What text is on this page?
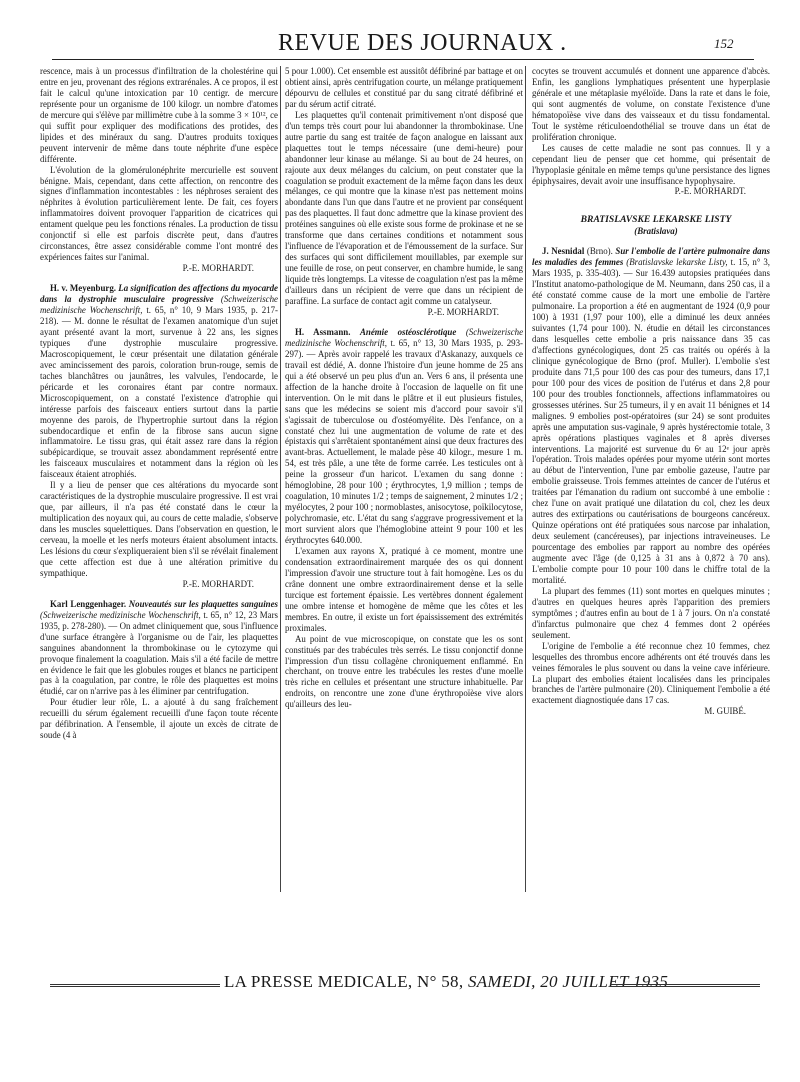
REVUE DES JOURNAUX .	152

rescence, mais à un processus d'infiltration de la cholestérine qui entre en jeu, provenant des régions extrarénales. A ce propos, il est fait le calcul qu'une intoxication par 10 centigr. de mercure représente pour un organisme de 100 kilogr. un nombre d'atomes de mercure qui s'élève par millimètre cube à la somme 3 × 10¹², ce qui suffit pour expliquer des modifications des protides, des lipides et des minéraux du sang. D'autres produits toxiques peuvent intervenir de même dans toute néphrite d'une espèce différente.

L'évolution de la glomérulonéphrite mercurielle est souvent bénigne. Mais, cependant, dans cette affection, on rencontre des signes d'inflammation incontestables : les néphroses seraient des néphrites à évolution particulièrement lente. De fait, ces foyers inflammatoires doivent provoquer l'apparition de cicatrices qui entament quelque peu les fonctions rénales. La production de tissu conjonctif si elle est parfois discrète peut, dans d'autres circonstances, être assez considérable comme l'ont montré des expériences faites sur l'animal.

P.-E. MORHARDT.

H. v. Meyenburg. La signification des affections du myocarde dans la dystrophie musculaire progressive (Schweizerische medizinische Wochenschrift, t. 65, n° 10, 9 Mars 1935, p. 217-218). — M. donne le résultat de l'examen anatomique d'un sujet ayant présenté avant la mort, survenue à 22 ans, les signes typiques d'une dystrophie musculaire progressive. Macroscopiquement, le cœur présentait une dilatation générale avec amincissement des parois, coloration brun-rouge, semis de taches blanchâtres ou jaunâtres, les valvules, l'endocarde, le péricarde et les coronaires étant par contre normaux. Microscopiquement, on a constaté l'existence d'atrophie qui intéresse parfois des faisceaux entiers surtout dans la partie moyenne des parois, de l'hypertrophie surtout dans la région subendocardique et enfin de la fibrose sans aucun signe inflammatoire. Le tissu gras, qui était assez rare dans la région subépicardique, se trouvait assez abondamment représenté entre les faisceaux musculaires et notamment dans la région où les faisceaux étaient atrophiés.

Il y a lieu de penser que ces altérations du myocarde sont caractéristiques de la dystrophie musculaire progressive. Il est vrai que, par ailleurs, il n'a pas été constaté dans le cœur la multiplication des noyaux qui, au cours de cette maladie, s'observe dans les muscles squelettiques. Dans l'observation en question, le cerveau, la moelle et les nerfs moteurs étaient absolument intacts. Les lésions du cœur s'expliqueraient bien s'il se révélait finalement que cette affection est due à une altération primitive du sympathique.

P.-E. MORHARDT.

Karl Lenggenhager. Nouveautés sur les plaquettes sanguines (Schweizerische medizinische Wochenschrift, t. 65, n° 12, 23 Mars 1935, p. 278-280). — On admet cliniquement que, sous l'influence d'une surface étrangère à l'organisme ou de l'air, les plaquettes sanguines abandonnent la thrombokinase ou le cytozyme qui provoque finalement la coagulation. Mais s'il a été facile de mettre en évidence le fait que les globules rouges et blancs ne participent pas à la coagulation, par contre, le rôle des plaquettes est moins étudié, car on n'arrive pas à les éliminer par centrifugation.

Pour étudier leur rôle, L. a ajouté à du sang fraîchement recueilli du sérum également recueilli d'une façon toute récente par défibrination. A l'ensemble, il ajoute un excès de citrate de soude (4 à

5 pour 1.000). Cet ensemble est aussitôt défibriné par battage et on obtient ainsi, après centrifugation courte, un mélange pratiquement dépourvu de cellules et constitué par du sang citraté défibriné et par du sérum actif citraté.

Les plaquettes qu'il contenait primitivement n'ont disposé que d'un temps très court pour lui abandonner la thrombokinase. Une autre partie du sang est traitée de façon analogue en laissant aux plaquettes tout le temps nécessaire (une demi-heure) pour abandonner leur kinase au mélange. Si au bout de 24 heures, on rajoute aux deux mélanges du calcium, on peut constater que la coagulation se produit exactement de la même façon dans les deux mélanges, ce qui montre que la kinase n'est pas nettement moins abondante dans l'un que dans l'autre et ne provient par conséquent pas des plaquettes. Il faut donc admettre que la kinase provient des protéines sanguines où elle existe sous forme de prokinase et ne se transforme que dans certaines conditions et notamment sous l'influence de l'évaporation et de l'émoussement de la surface. Sur des surfaces qui sont difficilement mouillables, par exemple sur une feuille de rose, on peut conserver, en chambre humide, le sang liquide très longtemps. La vitesse de coagulation n'est pas la même d'ailleurs dans un récipient de verre que dans un récipient de paraffine. La surface de contact agit comme un catalyseur.

P.-E. MORHARDT.

H. Assmann. Anémie ostéosclérotique (Schweizerische medizinische Wochenschrift, t. 65, n° 13, 30 Mars 1935, p. 293-297). — Après avoir rappelé les travaux d'Askanazy, auxquels ce travail est dédié, A. donne l'histoire d'un jeune homme de 25 ans qui a été observé un peu plus d'un an. Vers 6 ans, il présenta une affection de la hanche droite à l'occasion de laquelle on fit une intervention. On le mit dans le plâtre et il eut plusieurs fistules, sans que les médecins se soient mis d'accord pour savoir s'il s'agissait de tuberculose ou d'ostéomyélite. Dès l'enfance, on a constaté chez lui une augmentation de volume de rate et des épistaxis qui s'arrêtaient spontanément ainsi que deux fractures des avant-bras. Actuellement, le malade pèse 40 kilogr., mesure 1 m. 54, est très pâle, a une tête de forme carrée. Les testicules ont à peine la grosseur d'un haricot. L'examen du sang donne : hémoglobine, 28 pour 100 ; érythrocytes, 1,9 million ; temps de coagulation, 10 minutes 1/2 ; temps de saignement, 2 minutes 1/2 ; myélocytes, 2 pour 100 ; normoblastes, anisocytose, poïkilocytose, polychromasie, etc. L'état du sang s'aggrave progressivement et la mort survient alors que l'hémoglobine atteint 9 pour 100 et les érythrocytes 640.000.

L'examen aux rayons X, pratiqué à ce moment, montre une condensation extraordinairement marquée des os qui donnent l'impression d'avoir une structure tout à fait homogène. Les os du crâne donnent une ombre extraordinairement dense et la selle turcique est fortement épaissie. Les vertèbres donnent également une ombre intense et homogène de même que les côtes et les membres. En outre, il existe un fort épaississement des extrémités proximales.

Au point de vue microscopique, on constate que les os sont constitués par des trabécules très serrés. Le tissu conjonctif donne l'impression d'un tissu collagène chroniquement enflammé. En cherchant, on trouve entre les trabécules les restes d'une moelle très riche en cellules et présentant une structure inhabituelle. Par endroits, on rencontre une zone d'une érythropoïèse vive alors qu'ailleurs des leu-

cocytes se trouvent accumulés et donnent une apparence d'abcès. Enfin, les ganglions lymphatiques présentent une hyperplasie générale et une métaplasie myéloïde. Dans la rate et dans le foie, qui sont augmentés de volume, on constate l'existence d'une hématopoïèse vive dans des vaisseaux et du tissu fondamental. Tout le système réticuloendothélial se trouve dans un état de prolifération chronique.

Les causes de cette maladie ne sont pas connues. Il y a cependant lieu de penser que cet homme, qui présentait de l'hypoplasie génitale en même temps qu'une persistance des lignes épiphysaires, devait avoir une insuffisance hypophysaire.

P.-E. MORHARDT.

BRATISLAVSKE LEKARSKE LISTY

(Bratislava)

J. Nesnidal (Brno). Sur l'embolie de l'artère pulmonaire dans les maladies des femmes (Bratislavske lekarske Listy, t. 15, n° 3, Mars 1935, p. 335-403). — Sur 16.439 autopsies pratiquées dans l'Institut anatomo-pathologique de M. Neumann, dans 250 cas, il a été constaté comme cause de la mort une embolie de l'artère pulmonaire. La proportion a été en augmentant de 1924 (0,9 pour 100) à 1931 (1,97 pour 100), elle a diminué les deux années suivantes (1,74 pour 100). N. étudie en détail les circonstances dans lesquelles cette embolie a pris naissance dans 35 cas d'affections gynécologiques, dont 25 cas traités ou opérés à la clinique gynécologique de Brno (prof. Muller). L'embolie s'est produite dans 71,5 pour 100 des cas pour des tumeurs, dans 17,1 pour 100 pour des vices de position de l'utérus et dans 2,8 pour 100 pour des troubles fonctionnels, affections inflammatoires ou grossesses utérines. Sur 25 tumeurs, il y en avait 11 bénignes et 14 malignes. 9 embolies post-opératoires (sur 24) se sont produites après une amputation sus-vaginale, 9 après hystérectomie totale, 3 après opérations plastiques vaginales et 8 après diverses interventions. La majorité est survenue du 6ᵉ au 12ᵉ jour après l'opération. Trois malades opérées pour myome utérin sont mortes au début de l'intervention, l'une par embolie gazeuse, l'autre par embolie graisseuse. Trois femmes atteintes de cancer de l'utérus et traitées par l'émanation du radium ont succombé à une embolie : chez l'une on avait pratiqué une dilatation du col, chez les deux autres des extirpations ou cautérisations de bourgeons cancéreux. Quinze opérations ont été pratiquées sous narcose par inhalation, deux seulement (cancéreuses), par injections intraveineuses. Le pourcentage des embolies par rapport au nombre des opérées augmente avec l'âge (de 0,125 à 31 ans à 0,872 à 70 ans). L'embolie compte pour 10 pour 100 dans le chiffre total de la mortalité.

La plupart des femmes (11) sont mortes en quelques minutes ; d'autres en quelques heures après l'apparition des premiers symptômes ; d'autres enfin au bout de 1 à 7 jours. On n'a constaté d'infarctus pulmonaire que chez 4 femmes dont 2 opérées seulement.

L'origine de l'embolie a été reconnue chez 10 femmes, chez lesquelles des thrombus encore adhérents ont été trouvés dans les veines fémorales le plus souvent ou dans la veine cave inférieure. La plupart des embolies étaient localisées dans les principales branches de l'artère pulmonaire (20). Cliniquement l'embolie a été exactement diagnostiquée dans 17 cas.

M. GUIBÉ.

LA PRESSE MEDICALE, N° 58, SAMEDI, 20 JUILLET 1935
